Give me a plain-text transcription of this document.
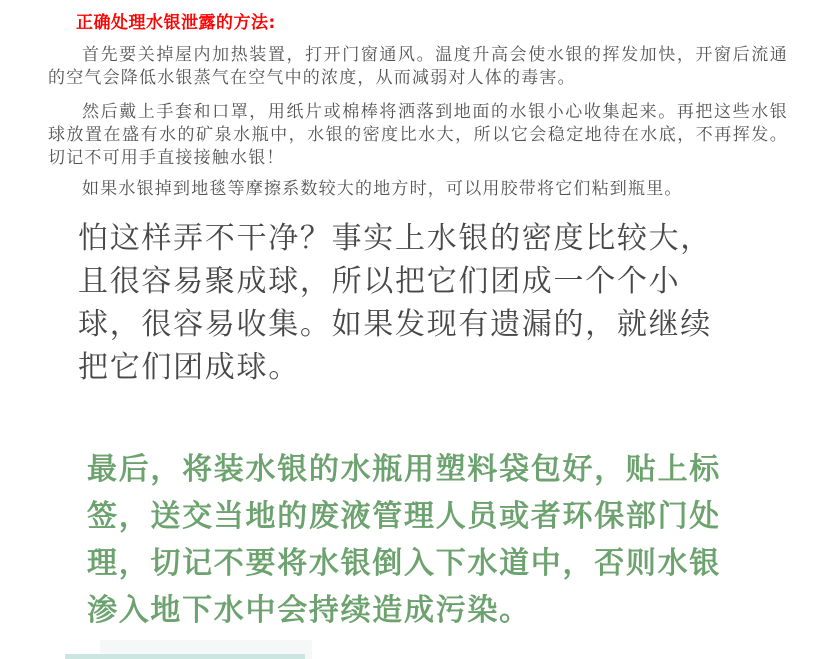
正确处理水银泄露的方法:

首先要关掉屋内加热装置，打开门窗通风。温度升高会使水银的挥发加快，开窗后流通的空气会降低水银蒸气在空气中的浓度，从而减弱对人体的毒害。

然后戴上手套和口罩，用纸片或棉棒将洒落到地面的水银小心收集起来。再把这些水银球放置在盛有水的矿泉水瓶中，水银的密度比水大，所以它会稳定地待在水底，不再挥发。切记不可用手直接接触水银！

如果水银掉到地毯等摩擦系数较大的地方时，可以用胶带将它们粘到瓶里。

怕这样弄不干净？事实上水银的密度比较大，
且很容易聚成球，所以把它们团成一个个小
球，很容易收集。如果发现有遗漏的，就继续
把它们团成球。
最后，将装水银的水瓶用塑料袋包好，贴上标
签，送交当地的废液管理人员或者环保部门处
理，切记不要将水银倒入下水道中，否则水银
渗入地下水中会持续造成污染。
